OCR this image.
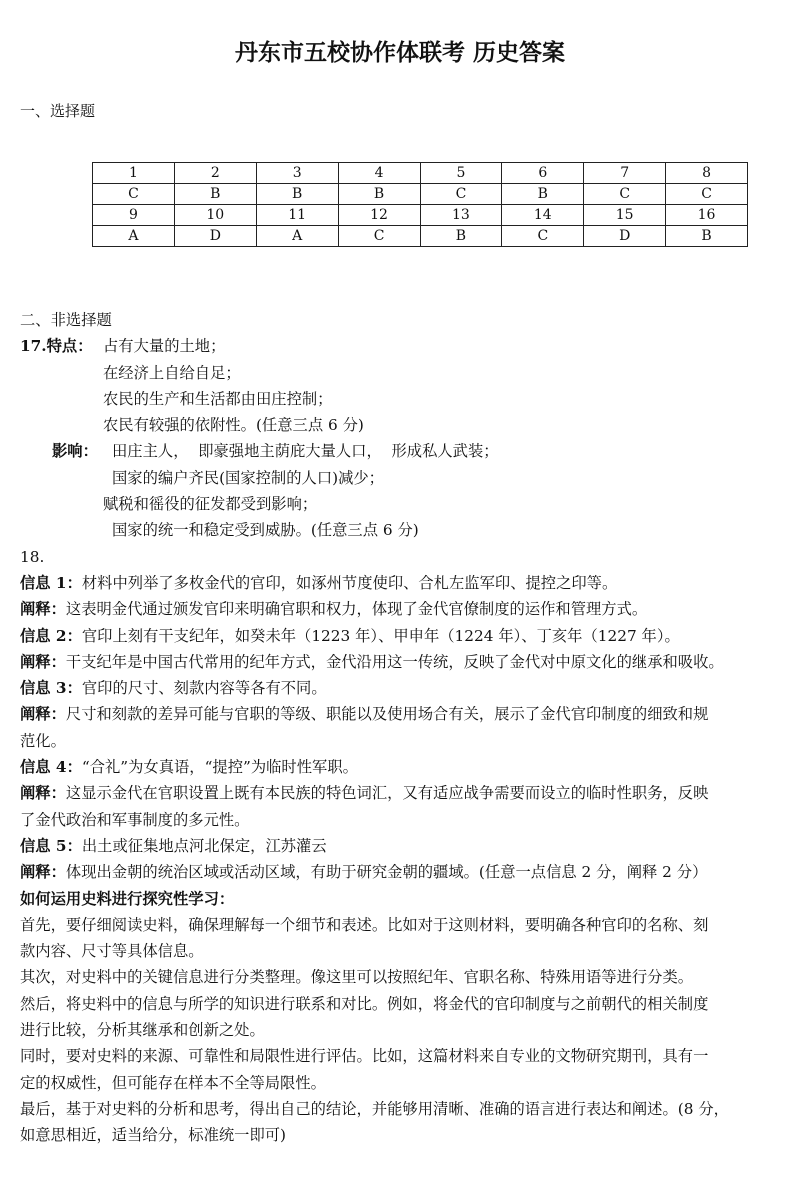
丹东市五校协作体联考 历史答案
一、选择题
1	2	3	4	5	6	7	8
C	B	B	B	C	B	C	C
9	10	11	12	13	14	15	16
A	D	A	C	B	C	D	B
二、非选择题
17.特点： 占有大量的土地；
在经济上自给自足；
农民的生产和生活都由田庄控制；
农民有较强的依附性。(任意三点 6 分)
影响： 田庄主人，  即豪强地主荫庇大量人口，  形成私人武装；
国家的编户齐民(国家控制的人口)减少；
赋税和徭役的征发都受到影响；
国家的统一和稳定受到威胁。(任意三点 6 分)
18.
信息 1：材料中列举了多枚金代的官印，如涿州节度使印、合札左监军印、提控之印等。
阐释：这表明金代通过颁发官印来明确官职和权力，体现了金代官僚制度的运作和管理方式。
信息 2：官印上刻有干支纪年，如癸未年（1223 年）、甲申年（1224 年）、丁亥年（1227 年）。
阐释：干支纪年是中国古代常用的纪年方式，金代沿用这一传统，反映了金代对中原文化的继承和吸收。
信息 3：官印的尺寸、刻款内容等各有不同。
阐释：尺寸和刻款的差异可能与官职的等级、职能以及使用场合有关，展示了金代官印制度的细致和规
范化。
信息 4：“合礼”为女真语，“提控”为临时性军职。
阐释：这显示金代在官职设置上既有本民族的特色词汇，又有适应战争需要而设立的临时性职务，反映
了金代政治和军事制度的多元性。
信息 5：出土或征集地点河北保定，江苏灌云
阐释：体现出金朝的统治区域或活动区域，有助于研究金朝的疆域。(任意一点信息 2 分，阐释 2 分）
如何运用史料进行探究性学习：
首先，要仔细阅读史料，确保理解每一个细节和表述。比如对于这则材料，要明确各种官印的名称、刻
款内容、尺寸等具体信息。
其次，对史料中的关键信息进行分类整理。像这里可以按照纪年、官职名称、特殊用语等进行分类。
然后，将史料中的信息与所学的知识进行联系和对比。例如，将金代的官印制度与之前朝代的相关制度
进行比较，分析其继承和创新之处。
同时，要对史料的来源、可靠性和局限性进行评估。比如，这篇材料来自专业的文物研究期刊，具有一
定的权威性，但可能存在样本不全等局限性。
最后，基于对史料的分析和思考，得出自己的结论，并能够用清晰、准确的语言进行表达和阐述。(8 分，
如意思相近，适当给分，标准统一即可)
